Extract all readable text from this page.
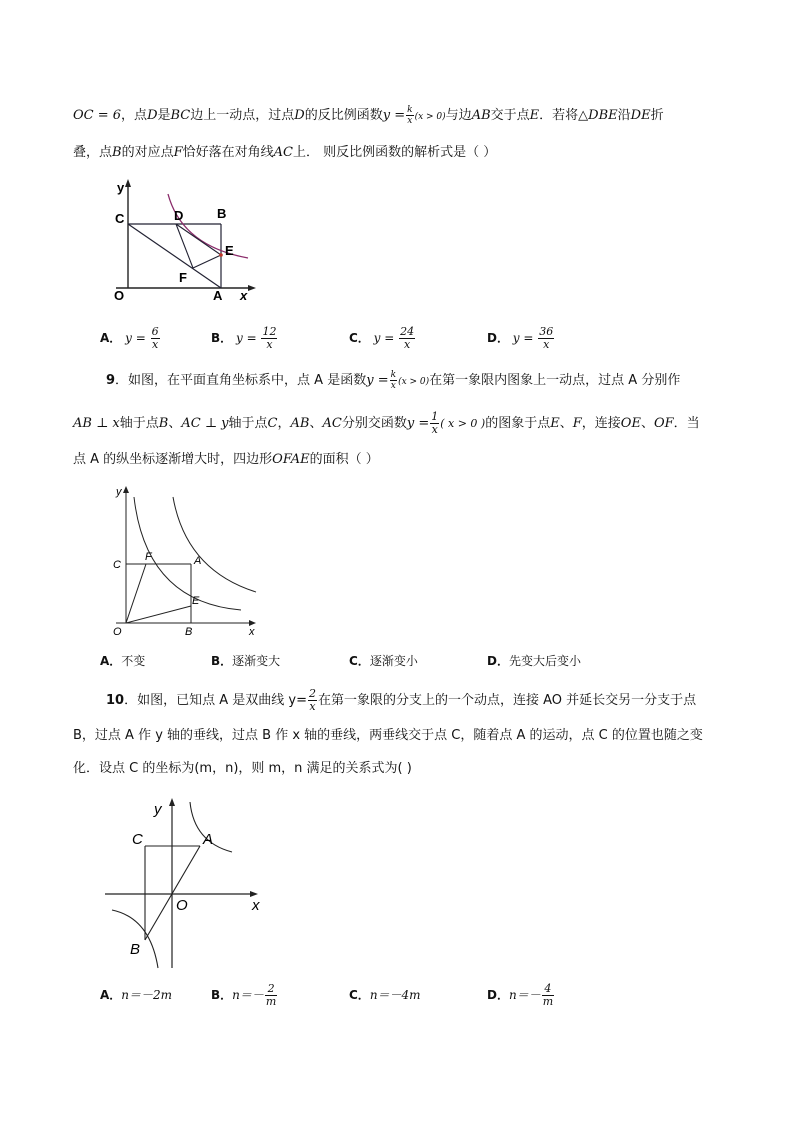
OC = 6，点D是BC边上一动点，过点D的反比例函数$y = \frac{k}{x} (x > 0)$与边AB交于点E．若将△DBE沿DE折
叠，点B的对应点F恰好落在对角线AC上． 则反比例函数的解析式是（ ）
y
C	D	B
E
F
O	A x
A． $y = \frac{6}{x}$	B． $y = \frac{12}{x}$	C． $y = \frac{24}{x}$	D． $y = \frac{36}{x}$
9．如图，在平面直角坐标系中，点 A 是函数$y = \frac{k}{x} (x > 0)$在第一象限内图象上一动点，过点 A 分别作
AB ⊥ x轴于点B、AC ⊥ y轴于点C，AB、AC分别交函数$y = \frac{1}{x}$ ( x > 0 )的图象于点E、F，连接OE、OF．当
点 A 的纵坐标逐渐增大时，四边形OFAE的面积（ ）
y
C
F	A
E
O	B	x
A．不变	B．逐渐变大	C．逐渐变小	D．先变大后变小
10．如图，已知点 A 是双曲线 $y= \frac{2}{x}$ 在第一象限的分支上的一个动点，连接 AO 并延长交另一分支于点
B，过点 A 作 y 轴的垂线，过点 B 作 x 轴的垂线，两垂线交于点 C，随着点 A 的运动，点 C 的位置也随之变
化．设点 C 的坐标为(m，n)，则 m，n 满足的关系式为( )
y
C	A
O	x
B
A．n＝－2m	B．$n=- \frac{2}{m}$	C．n＝－4m	D．$n=- \frac{4}{m}$
